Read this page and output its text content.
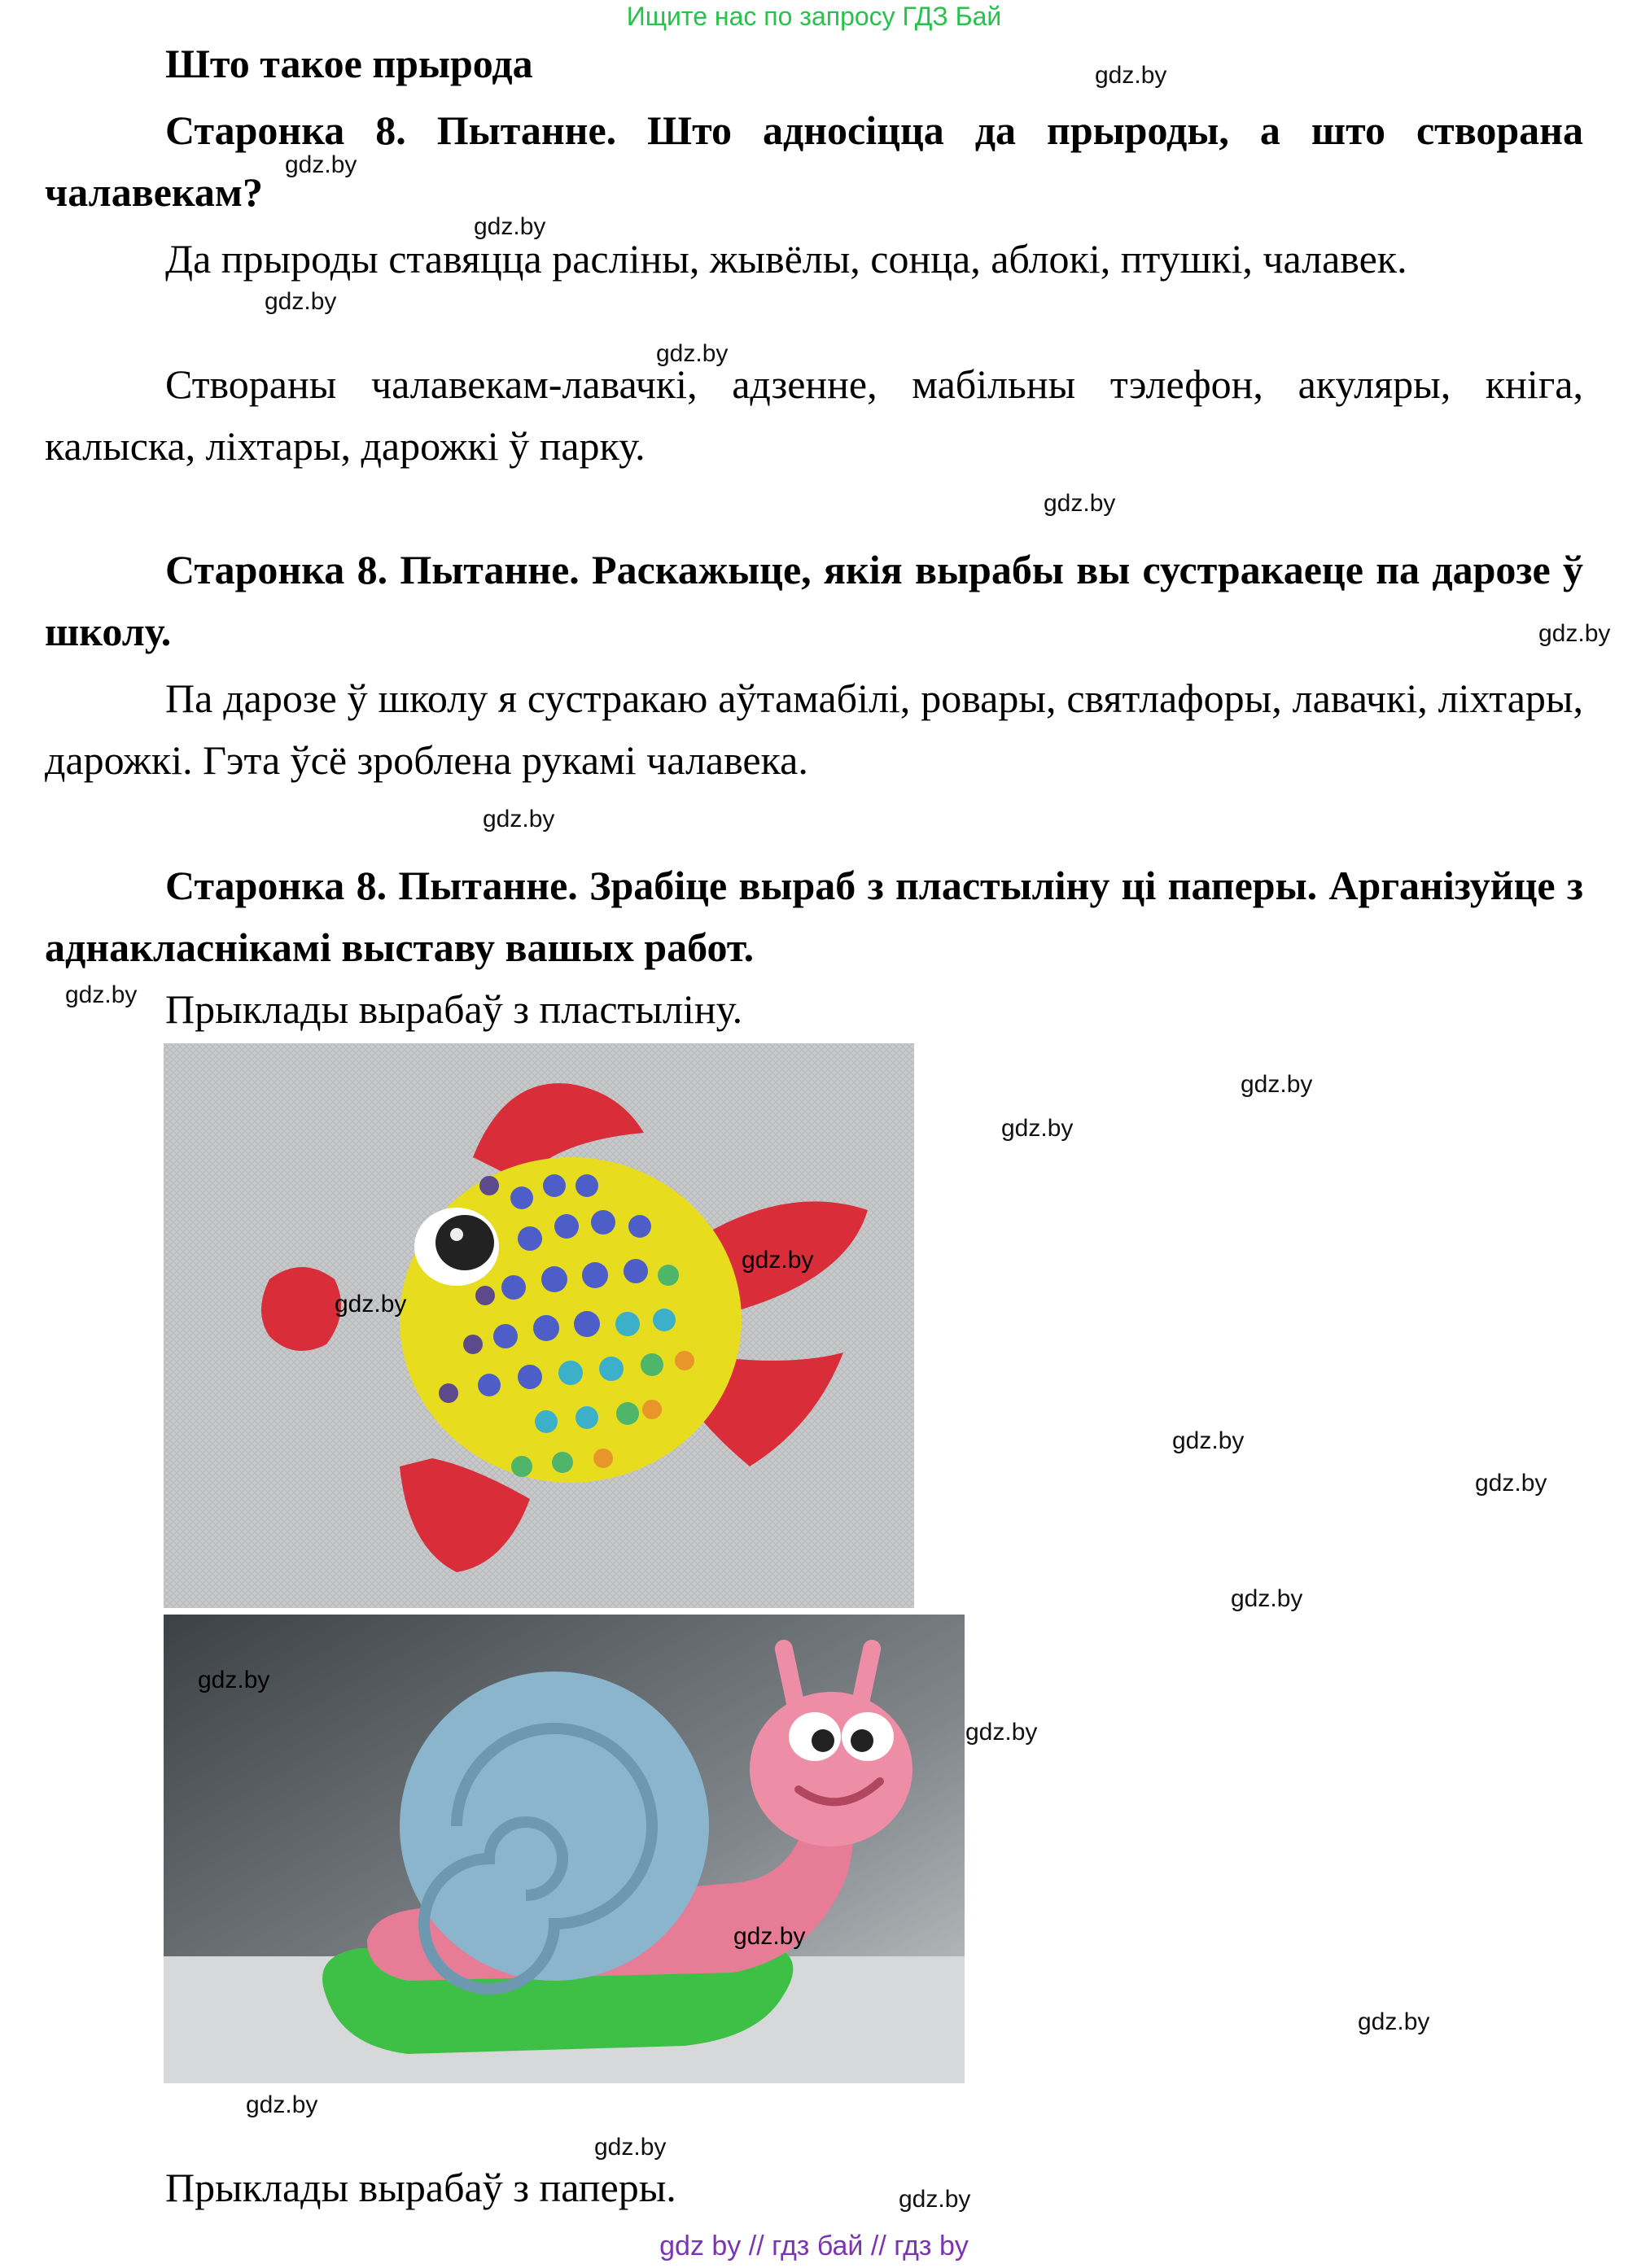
Ищите нас по запросу ГДЗ Бай

Што такое прырода

Старонка 8. Пытанне. Што адносіцца да прыроды, а што створана чалавекам?

Да прыроды ставяцца расліны, жывёлы, сонца, аблокі, птушкі, чалавек.

Створаны чалавекам-лавачкі, адзенне, мабільны тэлефон, акуляры, кніга, калыска, ліхтары, дарожкі ў парку.

Старонка 8. Пытанне. Раскажыце, якія вырабы вы сустракаеце па дарозе ў школу.

Па дарозе ў школу я сустракаю аўтамабілі, ровары, святлафоры, лавачкі, ліхтары, дарожкі. Гэта ўсё зроблена рукамі чалавека.

Старонка 8. Пытанне. Зрабіце выраб з пластыліну ці паперы. Арганізуйце з аднакласнікамі выставу вашых работ.

Прыклады вырабаў з пластыліну.

gdz.by
gdz.by
gdz.by
gdz.by

Прыклады вырабаў з паперы.

gdz.by
gdz.by
gdz.by
gdz.by
gdz.by
gdz.by
gdz.by
gdz.by
gdz.by
gdz.by
gdz.by
gdz.by
gdz.by
gdz.by
gdz.by
gdz.by
gdz.by
gdz.by
gdz.by
gdz by // гдз бай // гдз by
